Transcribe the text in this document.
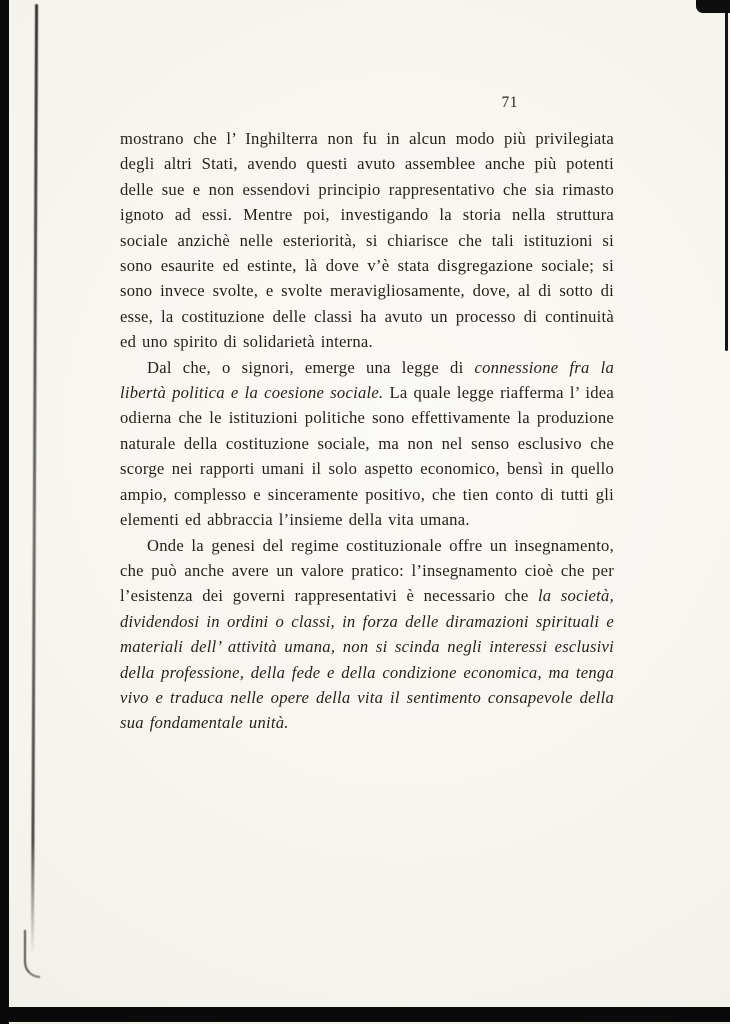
71

mostrano che l’ Inghilterra non fu in alcun modo più privilegiata degli altri Stati, avendo questi avuto assemblee anche più potenti delle sue e non essendovi principio rappresentativo che sia rimasto ignoto ad essi. Mentre poi, investigando la storia nella struttura sociale anzichè nelle esteriorità, si chiarisce che tali istituzioni si sono esaurite ed estinte, là dove v’è stata disgregazione sociale; si sono invece svolte, e svolte meravigliosamente, dove, al di sotto di esse, la costituzione delle classi ha avuto un processo di continuità ed uno spirito di solidarietà interna.

Dal che, o signori, emerge una legge di connessione fra la libertà politica e la coesione sociale. La quale legge riafferma l’ idea odierna che le istituzioni politiche sono effettivamente la produzione naturale della costituzione sociale, ma non nel senso esclusivo che scorge nei rapporti umani il solo aspetto economico, bensì in quello ampio, complesso e sinceramente positivo, che tien conto di tutti gli elementi ed abbraccia l’insieme della vita umana.

Onde la genesi del regime costituzionale offre un insegnamento, che può anche avere un valore pratico: l’insegnamento cioè che per l’esistenza dei governi rappresentativi è necessario che la società, dividendosi in ordini o classi, in forza delle diramazioni spirituali e materiali dell’ attività umana, non si scinda negli interessi esclusivi della professione, della fede e della condizione economica, ma tenga vivo e traduca nelle opere della vita il sentimento consapevole della sua fondamentale unità.
